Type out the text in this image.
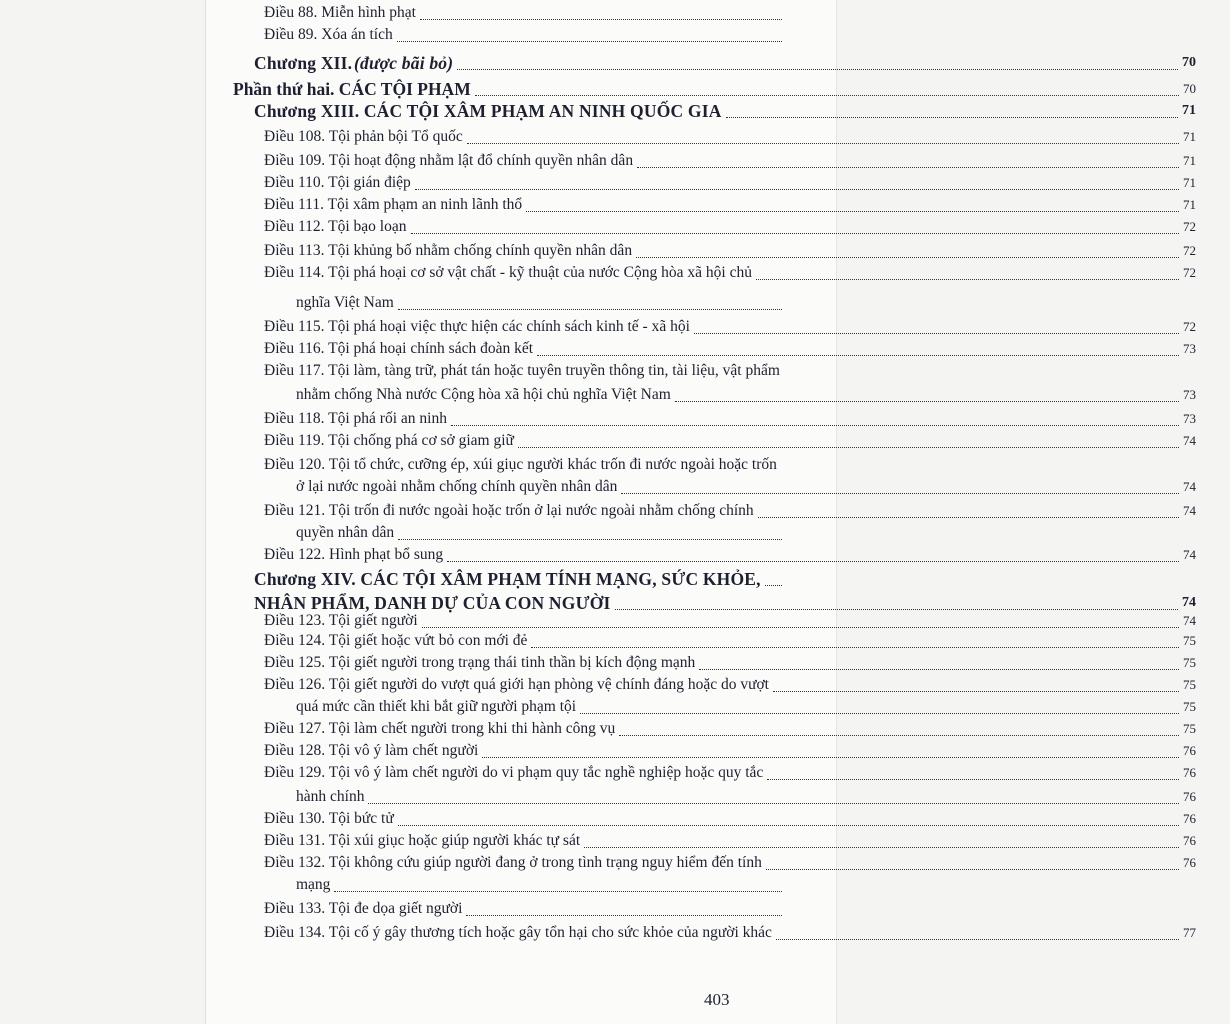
Điều 88. Miễn hình phạt
Điều 89. Xóa án tích
Chương XII. (được bãi bỏ)	70
Phần thứ hai. CÁC TỘI PHẠM	70
Chương XIII. CÁC TỘI XÂM PHẠM AN NINH QUỐC GIA	71
Điều 108. Tội phản bội Tổ quốc	71
Điều 109. Tội hoạt động nhằm lật đổ chính quyền nhân dân	71
Điều 110. Tội gián điệp	71
Điều 111. Tội xâm phạm an ninh lãnh thổ	71
Điều 112. Tội bạo loạn	72
Điều 113. Tội khủng bố nhằm chống chính quyền nhân dân	72
Điều 114. Tội phá hoại cơ sở vật chất - kỹ thuật của nước Cộng hòa xã hội chủ	72
nghĩa Việt Nam
Điều 115. Tội phá hoại việc thực hiện các chính sách kinh tế - xã hội	72
Điều 116. Tội phá hoại chính sách đoàn kết	73
Điều 117. Tội làm, tàng trữ, phát tán hoặc tuyên truyền thông tin, tài liệu, vật phẩm
nhằm chống Nhà nước Cộng hòa xã hội chủ nghĩa Việt Nam	73
Điều 118. Tội phá rối an ninh	73
Điều 119. Tội chống phá cơ sở giam giữ	74
Điều 120. Tội tổ chức, cưỡng ép, xúi giục người khác trốn đi nước ngoài hoặc trốn
ở lại nước ngoài nhằm chống chính quyền nhân dân	74
Điều 121. Tội trốn đi nước ngoài hoặc trốn ở lại nước ngoài nhằm chống chính	74
quyền nhân dân
Điều 122. Hình phạt bổ sung	74
Chương XIV. CÁC TỘI XÂM PHẠM TÍNH MẠNG, SỨC KHỎE,
NHÂN PHẨM, DANH DỰ CỦA CON NGƯỜI	74
Điều 123. Tội giết người	74
Điều 124. Tội giết hoặc vứt bỏ con mới đẻ	75
Điều 125. Tội giết người trong trạng thái tinh thần bị kích động mạnh	75
Điều 126. Tội giết người do vượt quá giới hạn phòng vệ chính đáng hoặc do vượt	75
quá mức cần thiết khi bắt giữ người phạm tội	75
Điều 127. Tội làm chết người trong khi thi hành công vụ	75
Điều 128. Tội vô ý làm chết người	76
Điều 129. Tội vô ý làm chết người do vi phạm quy tắc nghề nghiệp hoặc quy tắc	76
hành chính	76
Điều 130. Tội bức tử	76
Điều 131. Tội xúi giục hoặc giúp người khác tự sát	76
Điều 132. Tội không cứu giúp người đang ở trong tình trạng nguy hiểm đến tính	76
mạng
Điều 133. Tội đe dọa giết người
Điều 134. Tội cố ý gây thương tích hoặc gây tổn hại cho sức khỏe của người khác	77
403
